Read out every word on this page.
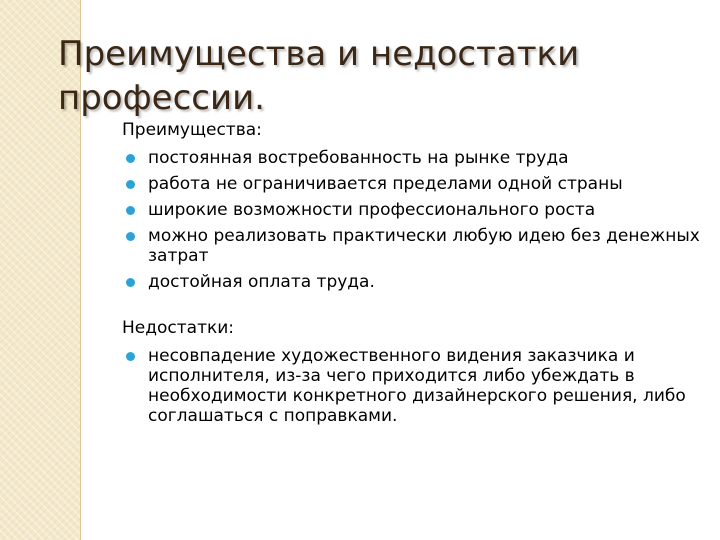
Преимущества и недостатки профессии.
Преимущества:
постоянная востребованность на рынке труда
работа не ограничивается пределами одной страны
широкие возможности профессионального роста
можно реализовать практически любую идею без денежных затрат
достойная оплата труда.
Недостатки:
несовпадение художественного видения заказчика и исполнителя, из-за чего приходится либо убеждать в необходимости конкретного дизайнерского решения, либо соглашаться с поправками.
